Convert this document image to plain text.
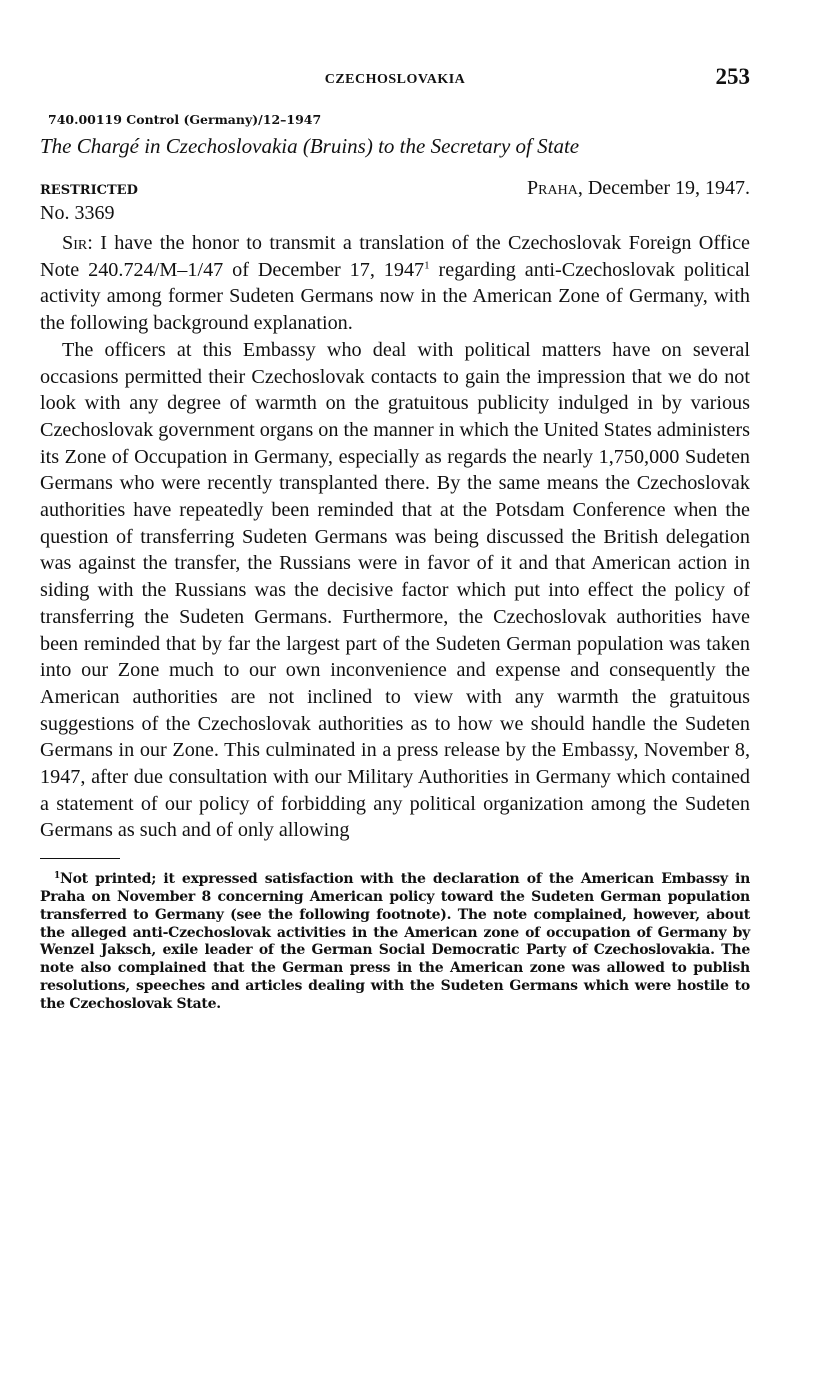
CZECHOSLOVAKIA	253
740.00119 Control (Germany)/12–1947
The Chargé in Czechoslovakia (Bruins) to the Secretary of State
RESTRICTED	Praha, December 19, 1947.
No. 3369

Sir: I have the honor to transmit a translation of the Czechoslovak Foreign Office Note 240.724/M–1/47 of December 17, 1947$^1$ regarding anti-Czechoslovak political activity among former Sudeten Germans now in the American Zone of Germany, with the following background explanation.

The officers at this Embassy who deal with political matters have on several occasions permitted their Czechoslovak contacts to gain the impression that we do not look with any degree of warmth on the gratuitous publicity indulged in by various Czechoslovak government organs on the manner in which the United States administers its Zone of Occupation in Germany, especially as regards the nearly 1,750,000 Sudeten Germans who were recently transplanted there. By the same means the Czechoslovak authorities have repeatedly been reminded that at the Potsdam Conference when the question of transferring Sudeten Germans was being discussed the British delegation was against the transfer, the Russians were in favor of it and that American action in siding with the Russians was the decisive factor which put into effect the policy of transferring the Sudeten Germans. Furthermore, the Czechoslovak authorities have been reminded that by far the largest part of the Sudeten German population was taken into our Zone much to our own inconvenience and expense and consequently the American authorities are not inclined to view with any warmth the gratuitous suggestions of the Czechoslovak authorities as to how we should handle the Sudeten Germans in our Zone. This culminated in a press release by the Embassy, November 8, 1947, after due consultation with our Military Authorities in Germany which contained a statement of our policy of forbidding any political organization among the Sudeten Germans as such and of only allowing

$^1$Not printed; it expressed satisfaction with the declaration of the American Embassy in Praha on November 8 concerning American policy toward the Sudeten German population transferred to Germany (see the following footnote). The note complained, however, about the alleged anti-Czechoslovak activities in the American zone of occupation of Germany by Wenzel Jaksch, exile leader of the German Social Democratic Party of Czechoslovakia. The note also complained that the German press in the American zone was allowed to publish resolutions, speeches and articles dealing with the Sudeten Germans which were hostile to the Czechoslovak State.
